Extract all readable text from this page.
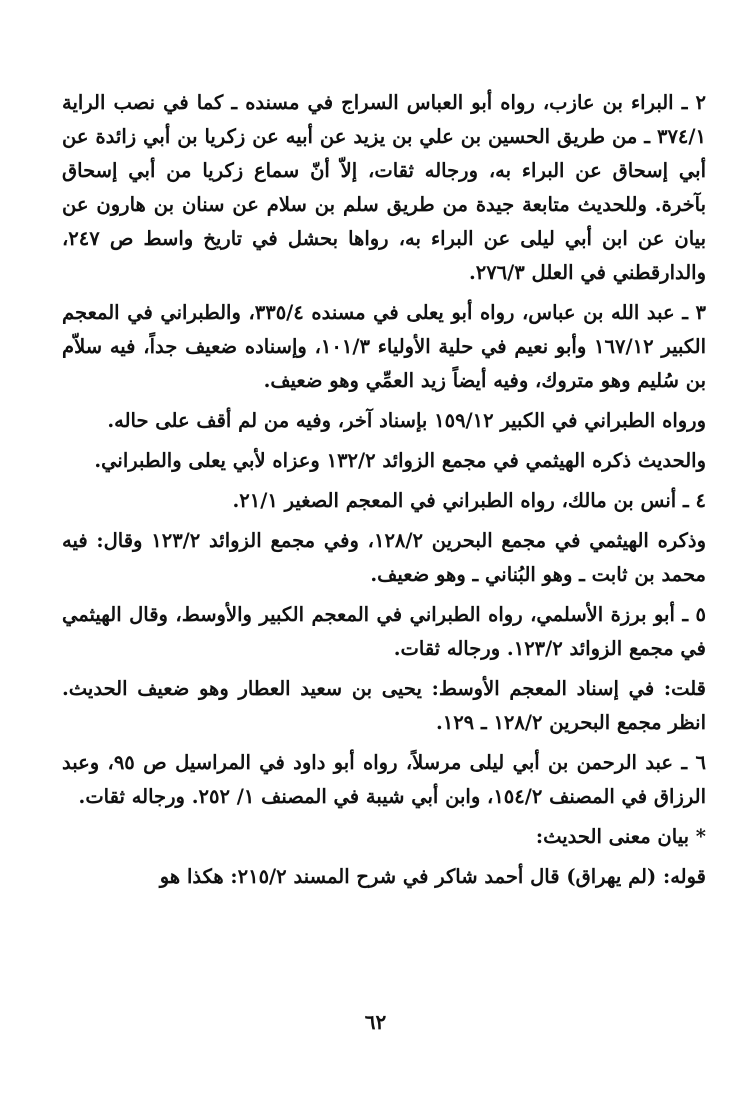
٢ ـ البراء بن عازب، رواه أبو العباس السراج في مسنده ـ كما في نصب الراية ٣٧٤/١ ـ من طريق الحسين بن علي بن يزيد عن أبيه عن زكريا بن أبي زائدة عن أبي إسحاق عن البراء به، ورجاله ثقات، إلاّ أنّ سماع زكريا من أبي إسحاق بآخرة. وللحديث متابعة جيدة من طريق سلم بن سلام عن سنان بن هارون عن بيان عن ابن أبي ليلى عن البراء به، رواها بحشل في تاريخ واسط ص ٢٤٧، والدارقطني في العلل ٢٧٦/٣.

٣ ـ عبد الله بن عباس، رواه أبو يعلى في مسنده ٣٣٥/٤، والطبراني في المعجم الكبير ١٦٧/١٢ وأبو نعيم في حلية الأولياء ١٠١/٣، وإسناده ضعيف جداً، فيه سلاّم بن سُليم وهو متروك، وفيه أيضاً زيد العمِّي وهو ضعيف.

ورواه الطبراني في الكبير ١٥٩/١٢ بإسناد آخر، وفيه من لم أقف على حاله.

والحديث ذكره الهيثمي في مجمع الزوائد ١٣٢/٢ وعزاه لأبي يعلى والطبراني.

٤ ـ أنس بن مالك، رواه الطبراني في المعجم الصغير ٢١/١.

وذكره الهيثمي في مجمع البحرين ١٢٨/٢، وفي مجمع الزوائد ١٢٣/٢ وقال: فيه محمد بن ثابت ـ وهو البُناني ـ وهو ضعيف.

٥ ـ أبو برزة الأسلمي، رواه الطبراني في المعجم الكبير والأوسط، وقال الهيثمي في مجمع الزوائد ١٢٣/٢. ورجاله ثقات.

قلت: في إسناد المعجم الأوسط: يحيى بن سعيد العطار وهو ضعيف الحديث. انظر مجمع البحرين ١٢٨/٢ ـ ١٢٩.

٦ ـ عبد الرحمن بن أبي ليلى مرسلاً، رواه أبو داود في المراسيل ص ٩٥، وعبد الرزاق في المصنف ١٥٤/٢، وابن أبي شيبة في المصنف ١/ ٢٥٢. ورجاله ثقات.

* بيان معنى الحديث:

قوله: (لم يهراق) قال أحمد شاكر في شرح المسند ٢١٥/٢: هكذا هو

٦٢
